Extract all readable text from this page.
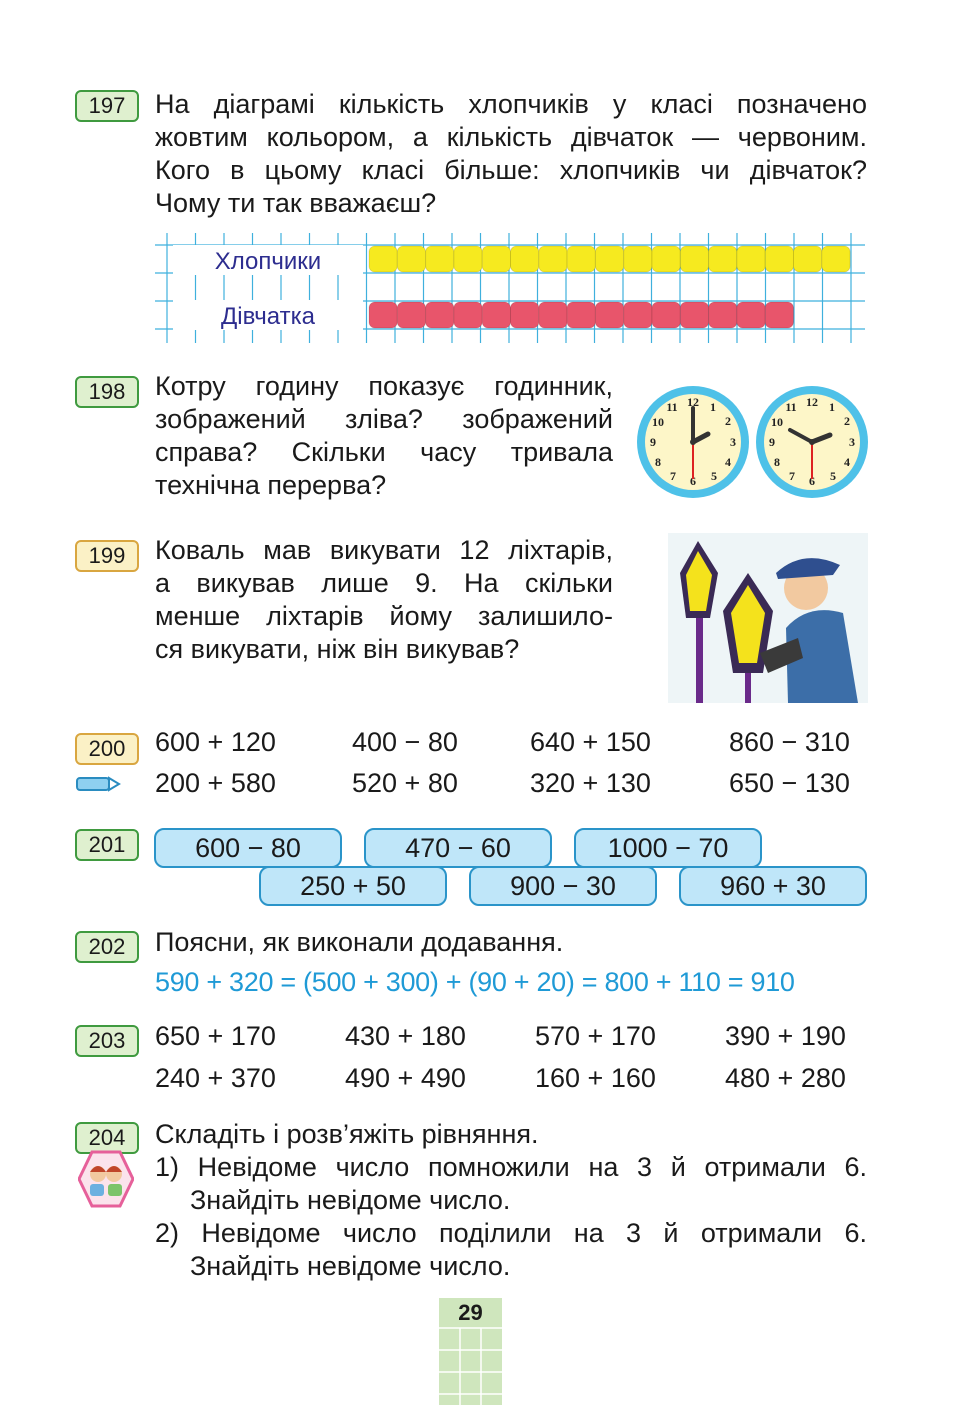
197	На діаграмі кількість хлопчиків у класі позначено
жовтим кольором, а кількість дівчаток — червоним.
Кого в цьому класі більше: хлопчиків чи дівчаток?
Чому ти так вважаєш?
Хлопчики
Дівчатка
198	Котру годину показує годинник,
зображений зліва? зображений
справа? Скільки часу тривала
технічна перерва?
12 1
2
3
4
5
6
7
8
9
10
11	12 1
2
3
4
5
6
7
8
9
10
11
199	Коваль мав викувати 12 ліхтарів,
а викував лише 9. На скільки
менше ліхтарів йому залишило-
ся викувати, ніж він викував?
200	600 + 120	400 − 80	640 + 150	860 − 310
200 + 580	520 + 80	320 + 130	650 − 130
201	600 − 80	470 − 60	1000 − 70
250 + 50	900 − 30	960 + 30
202	Поясни, як виконали додавання.
590 + 320 = (500 + 300) + (90 + 20) = 800 + 110 = 910
203	650 + 170	430 + 180	570 + 170	390 + 190
240 + 370	490 + 490	160 + 160	480 + 280
204	Складіть і розв’яжіть рівняння.
1) Невідоме число помножили на 3 й отримали 6.
Знайдіть невідоме число.
2) Невідоме число поділили на 3 й отримали 6.
Знайдіть невідоме число.
29
